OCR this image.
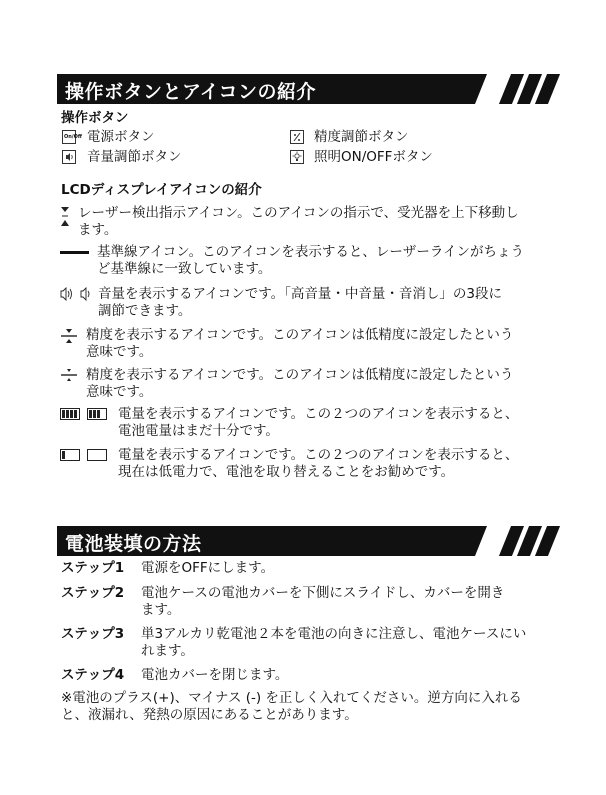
操作ボタンとアイコンの紹介
操作ボタン
On/Off 電源ボタン
音量調節ボタン
精度調節ボタン
照明ON/OFFボタン
LCDディスプレイアイコンの紹介
レーザー検出指示アイコン。このアイコンの指示で、受光器を上下移動し
ます。
基準線アイコン。このアイコンを表示すると、レーザーラインがちょう
ど基準線に一致しています。
音量を表示するアイコンです。「高音量・中音量・音消し」の3段に
調節できます。
精度を表示するアイコンです。このアイコンは低精度に設定したという
意味です。
精度を表示するアイコンです。このアイコンは低精度に設定したという
意味です。
電量を表示するアイコンです。この２つのアイコンを表示すると、
電池電量はまだ十分です。
電量を表示するアイコンです。この２つのアイコンを表示すると、
現在は低電力で、電池を取り替えることをお勧めです。
電池装填の方法
ステップ1 電源をOFFにします。
ステップ2 電池ケースの電池カバーを下側にスライドし、カバーを開き
ます。
ステップ3 単3アルカリ乾電池２本を電池の向きに注意し、電池ケースにい
れます。
ステップ4 電池カバーを閉じます。
※電池のプラス(+)、マイナス (-) を正しく入れてください。逆方向に入れる
と、液漏れ、発熱の原因にあることがあります。
